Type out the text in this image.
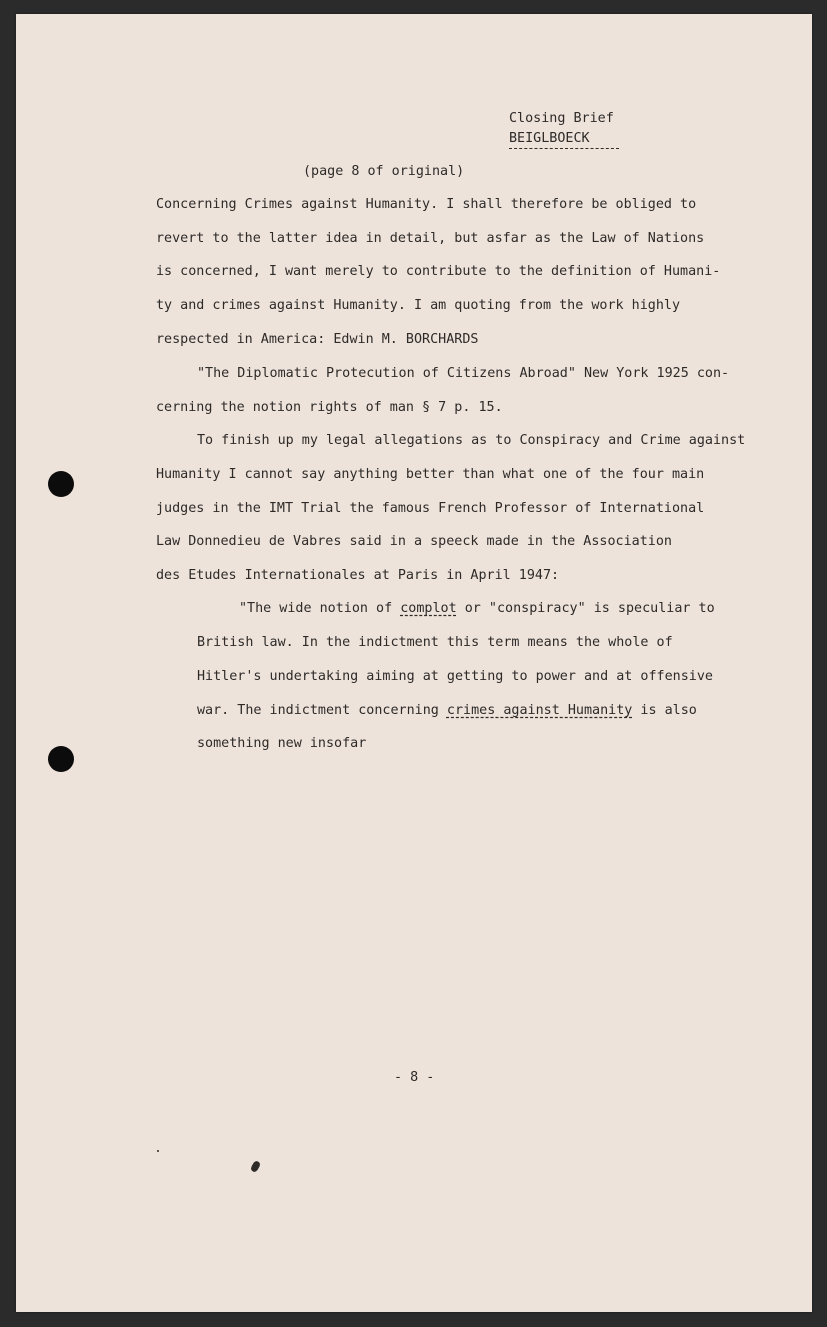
Closing Brief
BEIGLBOECK
(page 8 of original)
Concerning Crimes against Humanity. I shall therefore be obliged to
revert to the latter idea in detail, but asfar as the Law of Nations
is concerned, I want merely to contribute to the definition of Humani-
ty and crimes against Humanity. I am quoting from the work highly
respected in America: Edwin M. BORCHARDS
"The Diplomatic Protecution of Citizens Abroad" New York 1925 con-
cerning the notion rights of man § 7 p. 15.
To finish up my legal allegations as to Conspiracy and Crime against
Humanity I cannot say anything better than what one of the four main
judges in the IMT Trial the famous French Professor of International
Law Donnedieu de Vabres said in a speeck made in the Association
des Etudes Internationales at Paris in April 1947:
"The wide notion of complot or "conspiracy" is speculiar to
British law. In the indictment this term means the whole of
Hitler's undertaking aiming at getting to power and at offensive
war. The indictment concerning crimes against Humanity is also
something new insofar
- 8 -
